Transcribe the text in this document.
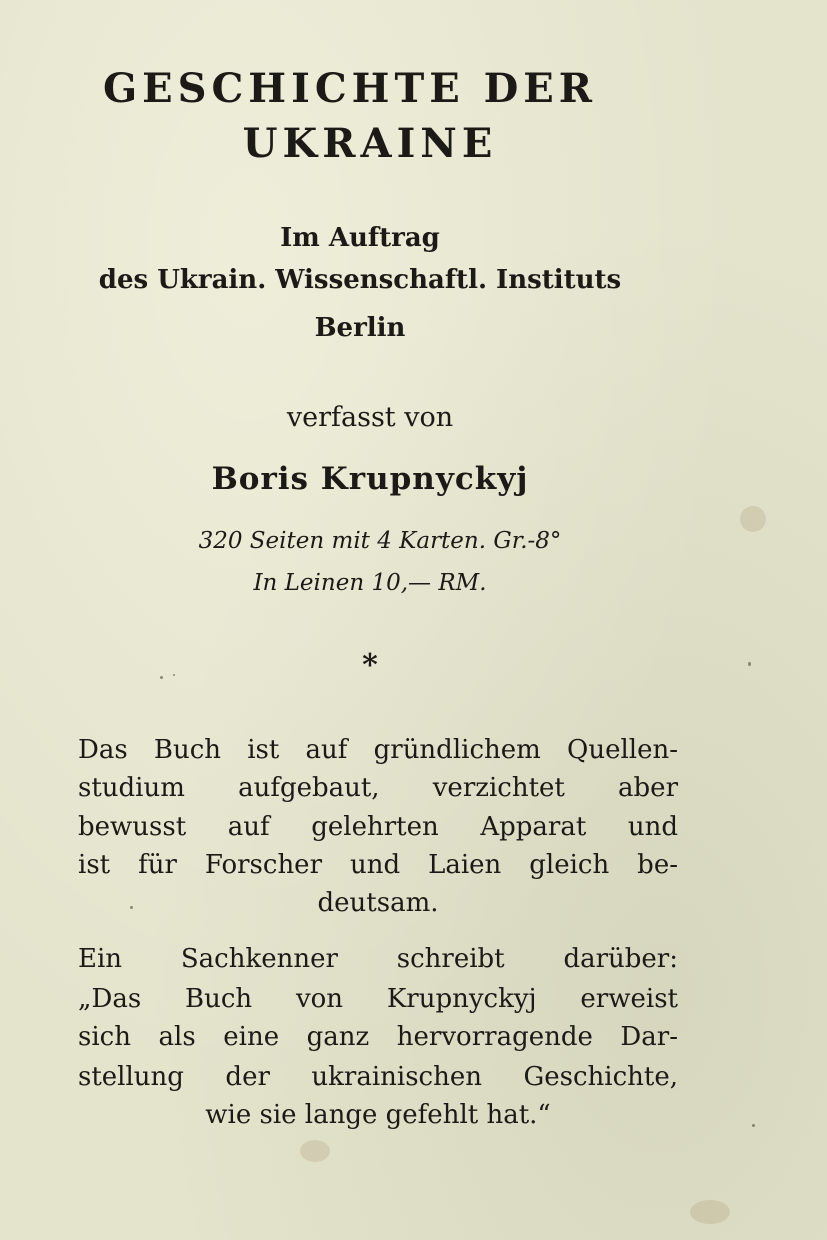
GESCHICHTE DER
UKRAINE

Im Auftrag

des Ukrain. Wissenschaftl. Instituts

Berlin

verfasst von

Boris Krupnyckyj

320 Seiten mit 4 Karten. Gr.-8°

In Leinen 10,— RM.

*

Das Buch ist auf gründlichem Quellen-

studium aufgebaut, verzichtet aber

bewusst auf gelehrten Apparat und

ist für Forscher und Laien gleich be-

deutsam.

Ein Sachkenner schreibt darüber:

„Das Buch von Krupnyckyj erweist

sich als eine ganz hervorragende Dar-

stellung der ukrainischen Geschichte,

wie sie lange gefehlt hat.“
